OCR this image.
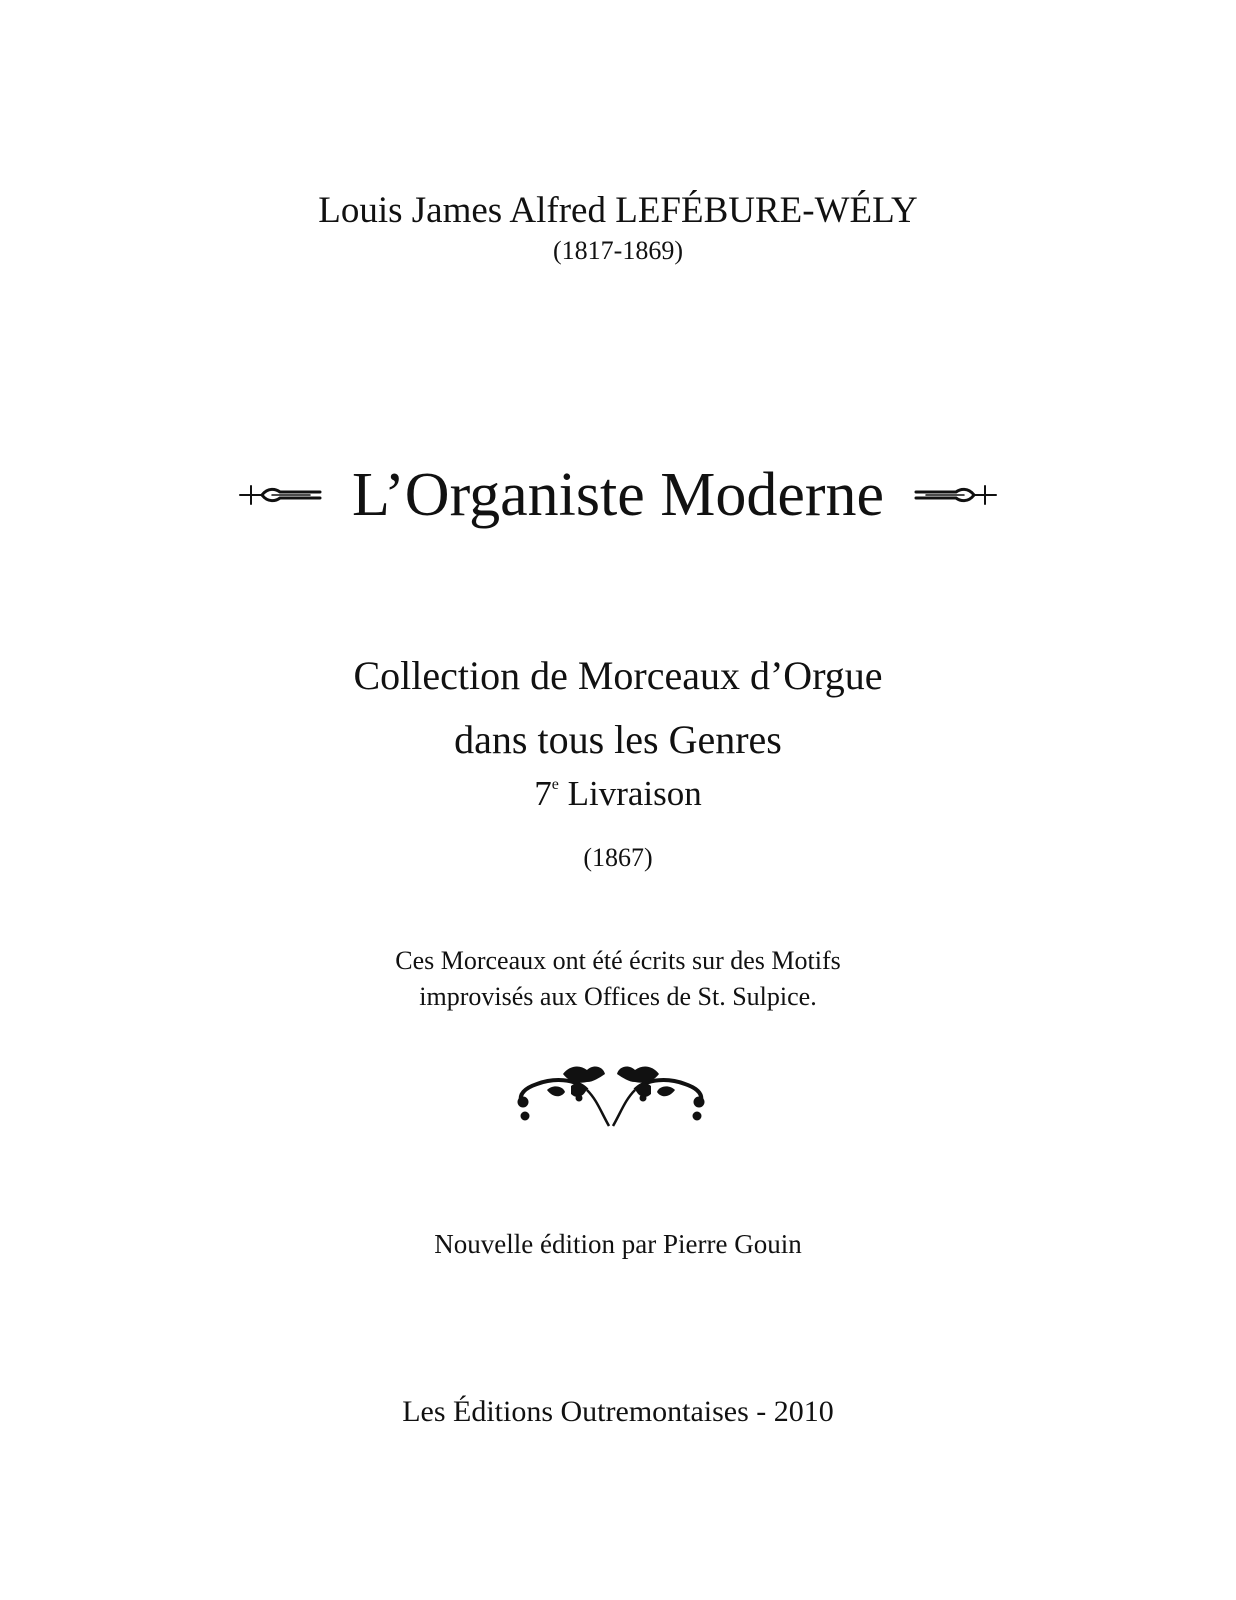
Louis James Alfred LEFÉBURE-WÉLY
(1817-1869)
L’Organiste Moderne
Collection de Morceaux d’Orgue
dans tous les Genres
7e Livraison
(1867)
Ces Morceaux ont été écrits sur des Motifs
improvisés aux Offices de St. Sulpice.
Nouvelle édition par Pierre Gouin
Les Éditions Outremontaises - 2010
